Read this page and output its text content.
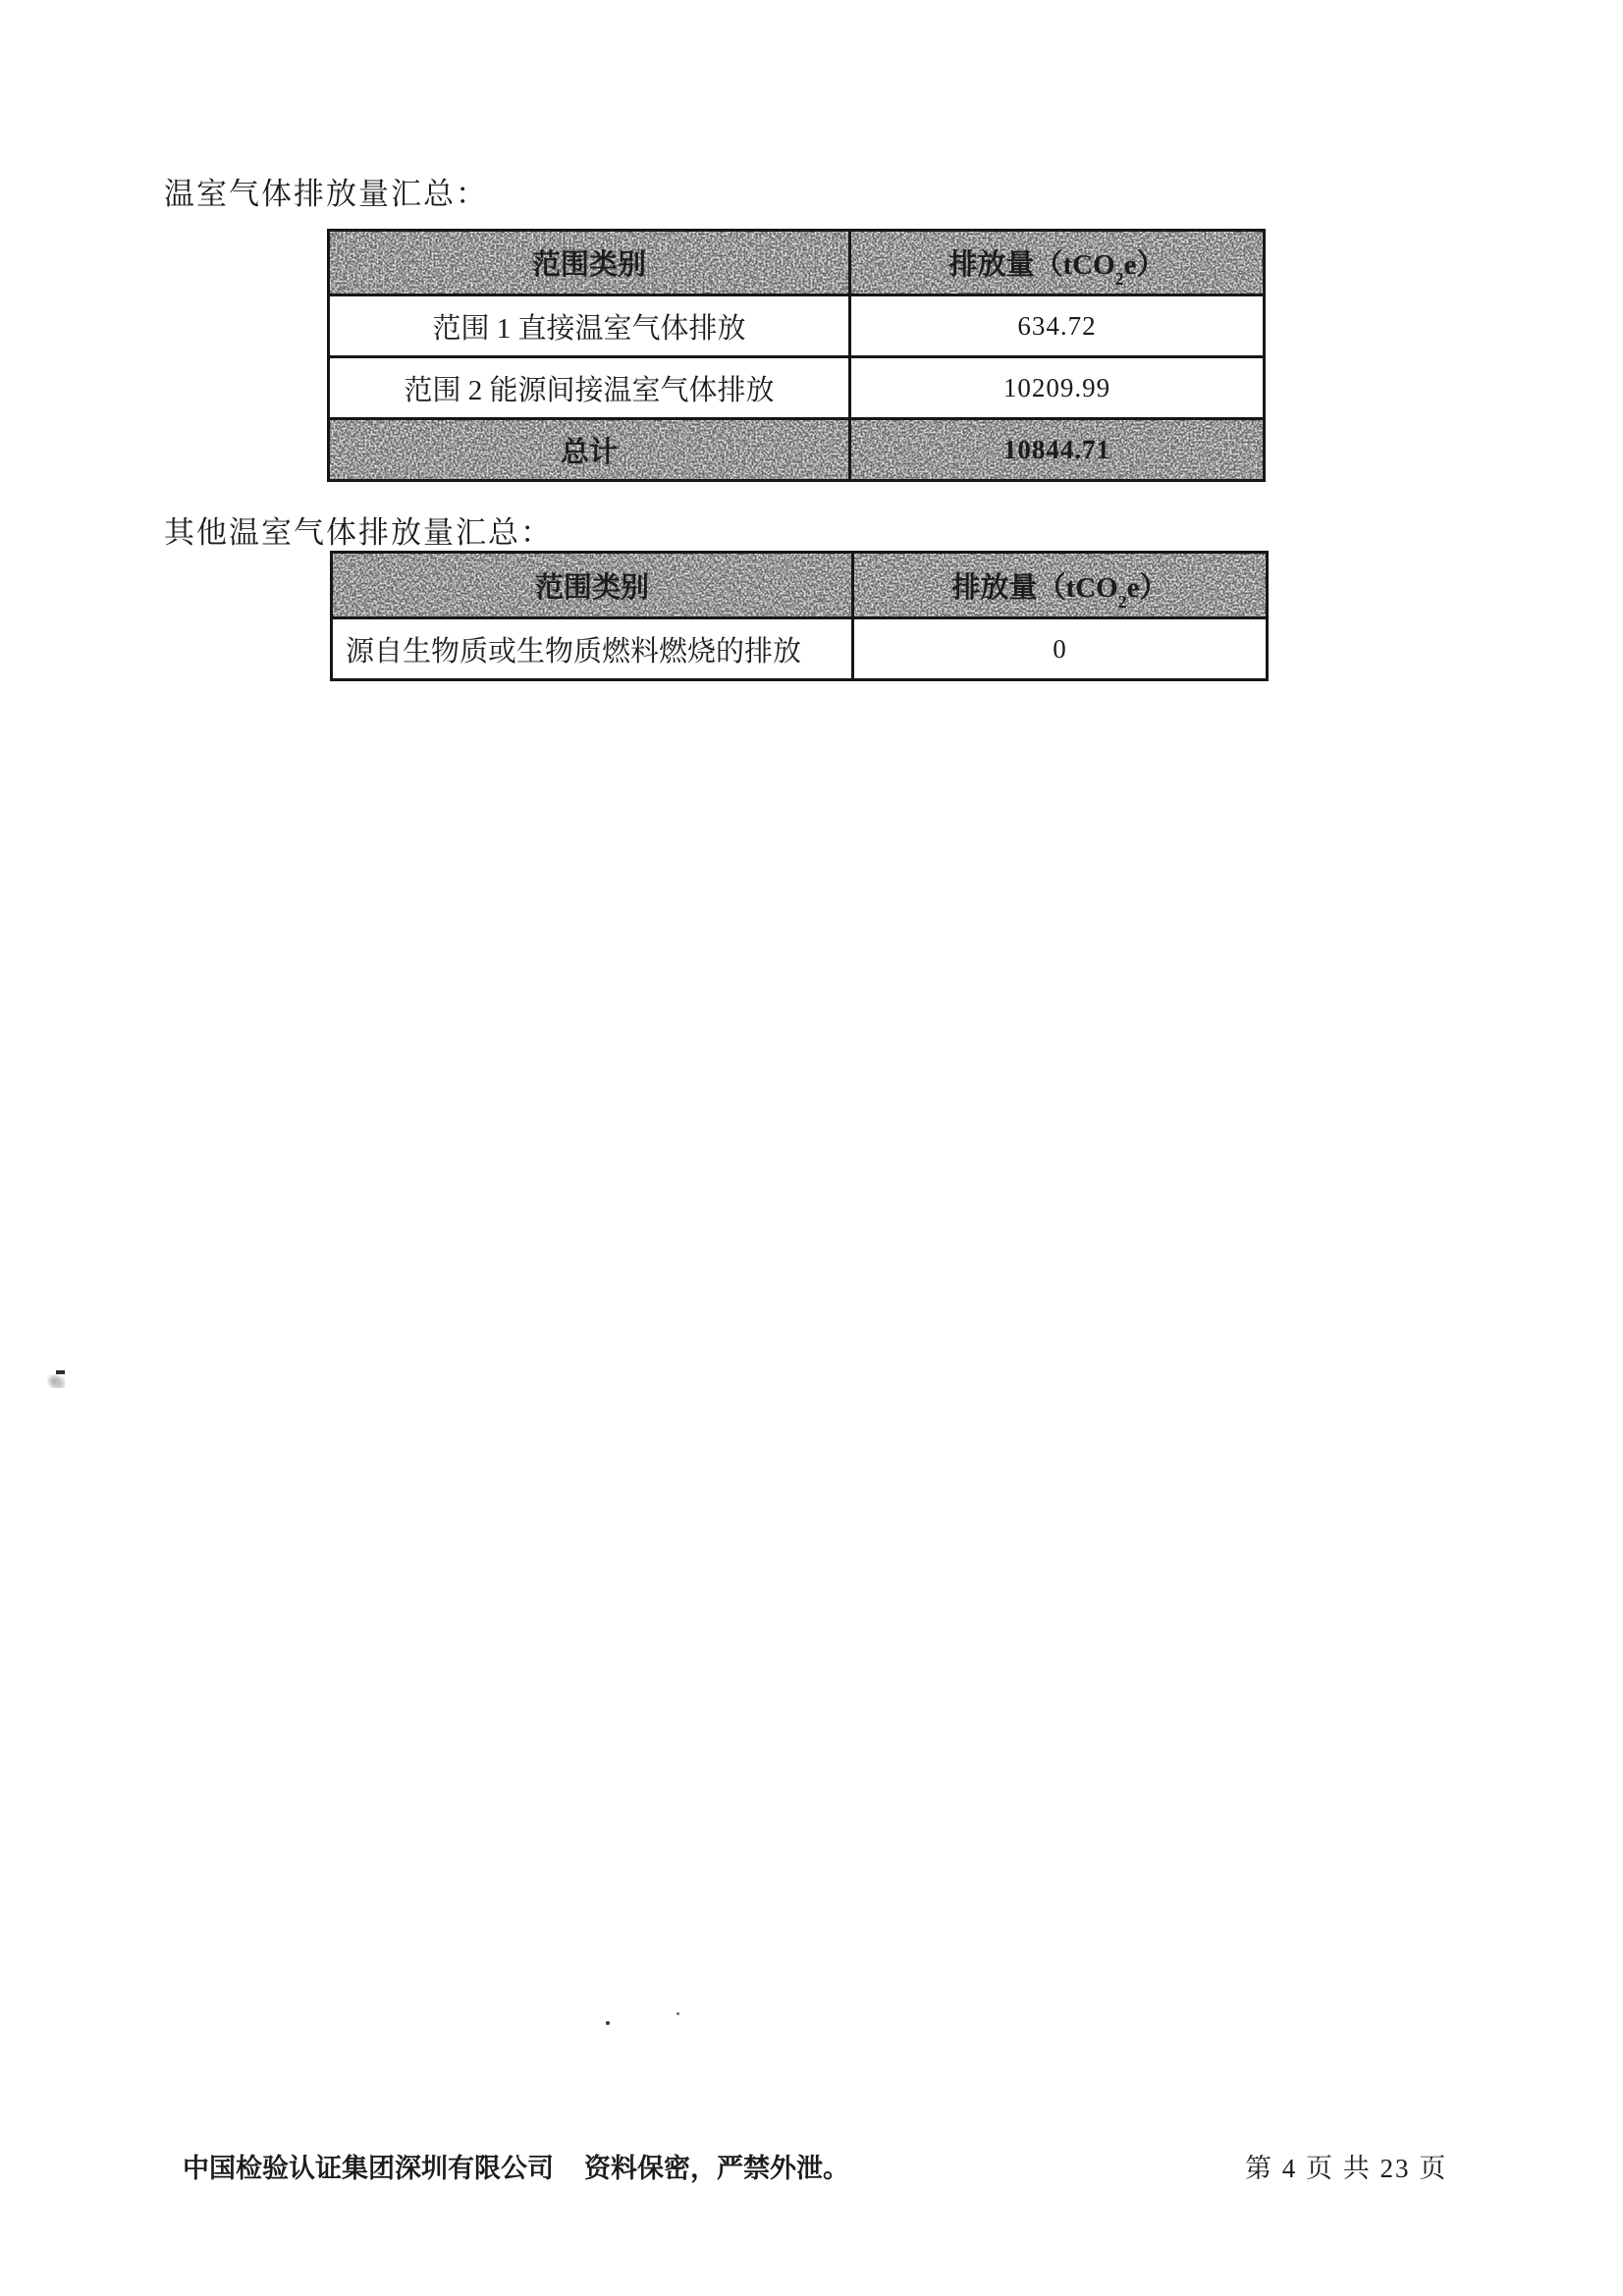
温室气体排放量汇总：
范围类别	排放量（tCO$_2$e）
范围 1 直接温室气体排放	634.72
范围 2 能源间接温室气体排放	10209.99
总计	10844.71
其他温室气体排放量汇总：
范围类别	排放量（tCO$_2$e）
源自生物质或生物质燃料燃烧的排放	0
中国检验认证集团深圳有限公司 资料保密，严禁外泄。	第 4 页 共 23 页
